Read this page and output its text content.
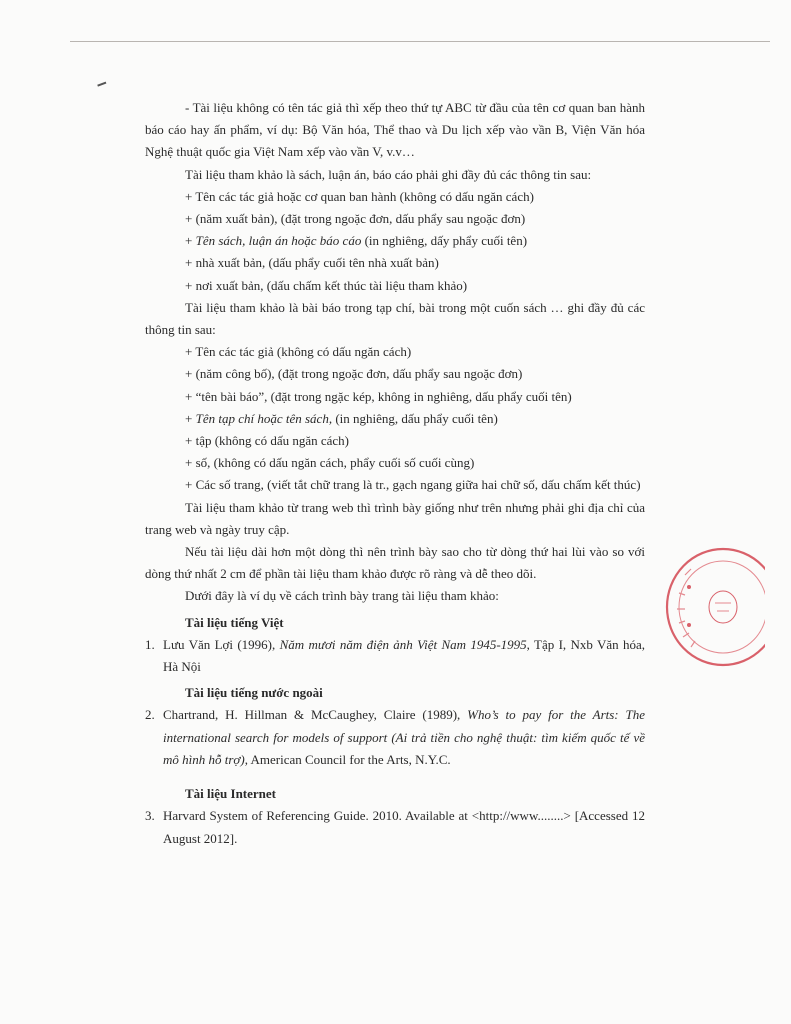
- Tài liệu không có tên tác giả thì xếp theo thứ tự ABC từ đầu của tên cơ quan ban hành báo cáo hay ấn phẩm, ví dụ: Bộ Văn hóa, Thể thao và Du lịch xếp vào vần B, Viện Văn hóa Nghệ thuật quốc gia Việt Nam xếp vào vần V, v.v…

Tài liệu tham khảo là sách, luận án, báo cáo phải ghi đầy đủ các thông tin sau:

+ Tên các tác giả hoặc cơ quan ban hành (không có dấu ngăn cách)

+ (năm xuất bản), (đặt trong ngoặc đơn, dấu phẩy sau ngoặc đơn)

+ Tên sách, luận án hoặc báo cáo (in nghiêng, dấy phẩy cuối tên)

+ nhà xuất bản, (dấu phẩy cuối tên nhà xuất bản)

+ nơi xuất bản, (dấu chấm kết thúc tài liệu tham khảo)

Tài liệu tham khảo là bài báo trong tạp chí, bài trong một cuốn sách … ghi đầy đủ các thông tin sau:

+ Tên các tác giả (không có dấu ngăn cách)

+ (năm công bố), (đặt trong ngoặc đơn, dấu phẩy sau ngoặc đơn)

+ “tên bài báo”, (đặt trong ngặc kép, không in nghiêng, dấu phẩy cuối tên)

+ Tên tạp chí hoặc tên sách, (in nghiêng, dấu phẩy cuối tên)

+ tập (không có dấu ngăn cách)

+ số, (không có dấu ngăn cách, phẩy cuối số cuối cùng)

+ Các số trang, (viết tắt chữ trang là tr., gạch ngang giữa hai chữ số, dấu chấm kết thúc)

Tài liệu tham khảo từ trang web thì trình bày giống như trên nhưng phải ghi địa chỉ của trang web và ngày truy cập.

Nếu tài liệu dài hơn một dòng thì nên trình bày sao cho từ dòng thứ hai lùi vào so với dòng thứ nhất 2 cm để phần tài liệu tham khảo được rõ ràng và dễ theo dõi.

Dưới đây là ví dụ về cách trình bày trang tài liệu tham khảo:

Tài liệu tiếng Việt

1. Lưu Văn Lợi (1996), Năm mươi năm điện ảnh Việt Nam 1945-1995, Tập I, Nxb Văn hóa, Hà Nội

Tài liệu tiếng nước ngoài

2. Chartrand, H. Hillman & McCaughey, Claire (1989), Who’s to pay for the Arts: The international search for models of support (Ai trả tiền cho nghệ thuật: tìm kiếm quốc tế về mô hình hỗ trợ), American Council for the Arts, N.Y.C.

Tài liệu Internet

3. Harvard System of Referencing Guide. 2010. Available at <http://www........> [Accessed 12 August 2012].
